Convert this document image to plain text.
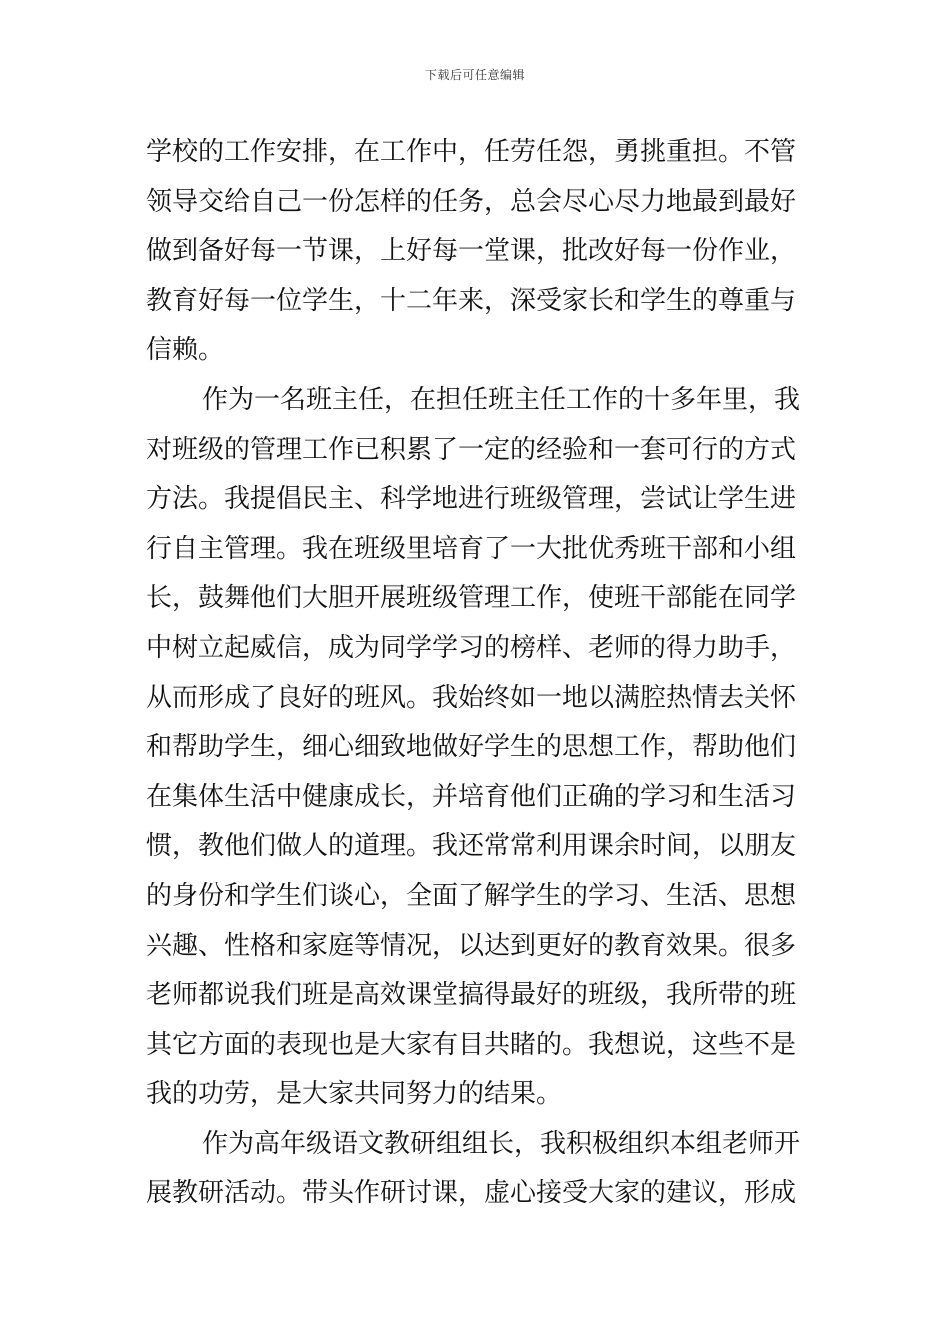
下载后可任意编辑
学校的工作安排，在工作中，任劳任怨，勇挑重担。不管
领导交给自己一份怎样的任务，总会尽心尽力地最到最好
做到备好每一节课，上好每一堂课，批改好每一份作业，
教育好每一位学生，十二年来，深受家长和学生的尊重与
信赖。
作为一名班主任，在担任班主任工作的十多年里，我
对班级的管理工作已积累了一定的经验和一套可行的方式
方法。我提倡民主、科学地进行班级管理，尝试让学生进
行自主管理。我在班级里培育了一大批优秀班干部和小组
长，鼓舞他们大胆开展班级管理工作，使班干部能在同学
中树立起威信，成为同学学习的榜样、老师的得力助手，
从而形成了良好的班风。我始终如一地以满腔热情去关怀
和帮助学生，细心细致地做好学生的思想工作，帮助他们
在集体生活中健康成长，并培育他们正确的学习和生活习
惯，教他们做人的道理。我还常常利用课余时间，以朋友
的身份和学生们谈心，全面了解学生的学习、生活、思想
兴趣、性格和家庭等情况，以达到更好的教育效果。很多
老师都说我们班是高效课堂搞得最好的班级，我所带的班
其它方面的表现也是大家有目共睹的。我想说，这些不是
我的功劳，是大家共同努力的结果。
作为高年级语文教研组组长，我积极组织本组老师开
展教研活动。带头作研讨课，虚心接受大家的建议，形成
